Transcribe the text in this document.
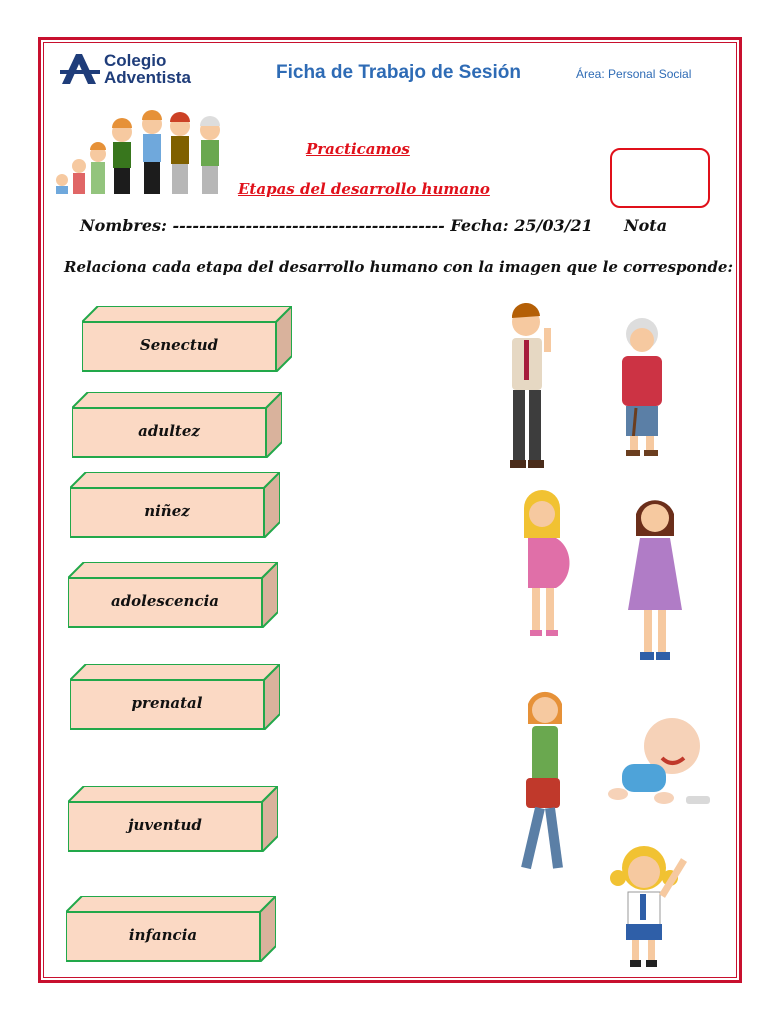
Colegio
Adventista	Ficha de Trabajo de Sesión	Área: Personal Social
Practicamos
Etapas del desarrollo humano
Nombres: ----------------------------------------- Fecha: 25/03/21 Nota
Relaciona cada etapa del desarrollo humano con la imagen que le corresponde:
Senectud
adultez
niñez
adolescencia
prenatal
juventud
infancia
